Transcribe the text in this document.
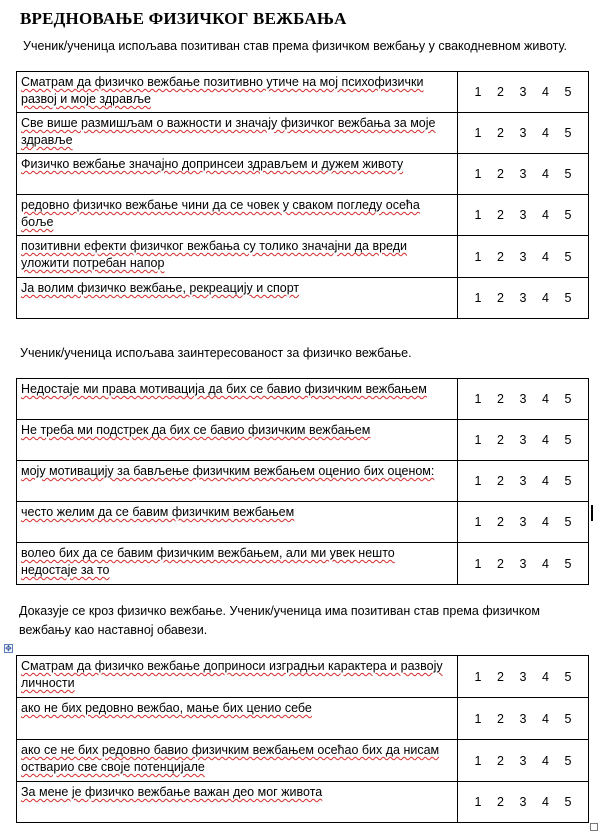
ВРЕДНОВАЊЕ ФИЗИЧКОГ ВЕЖБАЊА
Ученик/ученица испољава позитиван став према физичком вежбању у свакодневном животу.
Сматрам да физичко вежбање позитивно утиче на мој психофизички развој и моје здравље	1 2 3 4 5

Све више размишљам о важности и значају физичког вежбања за моје здравље	1 2 3 4 5

Физичко вежбање значајно допринсеи здрављем и дужем животу	1 2 3 4 5

редовно физичко вежбање чини да се човек у сваком погледу осећа боље	1 2 3 4 5

позитивни ефекти физичког вежбања су толико значајни да вреди уложити потребан напор	1 2 3 4 5

Ја волим физичко вежбање, рекреацију и спорт	1 2 3 4 5
Ученик/ученица испољава заинтересованост за физичко вежбање.
Недостаје ми права мотивација да бих се бавио физичким вежбањем	1 2 3 4 5

Не треба ми подстрек да бих се бавио физичким вежбањем	1 2 3 4 5

моју мотивацију за бављење физичким вежбањем оценио бих оценом:	1 2 3 4 5

често желим да се бавим физичким вежбањем	1 2 3 4 5

волео бих да се бавим физичким вежбањем, али ми увек нешто недостаје за то	1 2 3 4 5
Доказује се кроз физичко вежбање. Ученик/ученица има позитиван став према физичком вежбању као наставној обавези.
✥
Сматрам да физичко вежбање доприноси изградњи карактера и развоју личности	1 2 3 4 5

ако не бих редовно вежбао, мање бих ценио себе	1 2 3 4 5

ако се не бих редовно бавио физичким вежбањем осећао бих да нисам остварио све своје потенцијале	1 2 3 4 5

За мене је физичко вежбање важан део мог живота	1 2 3 4 5
